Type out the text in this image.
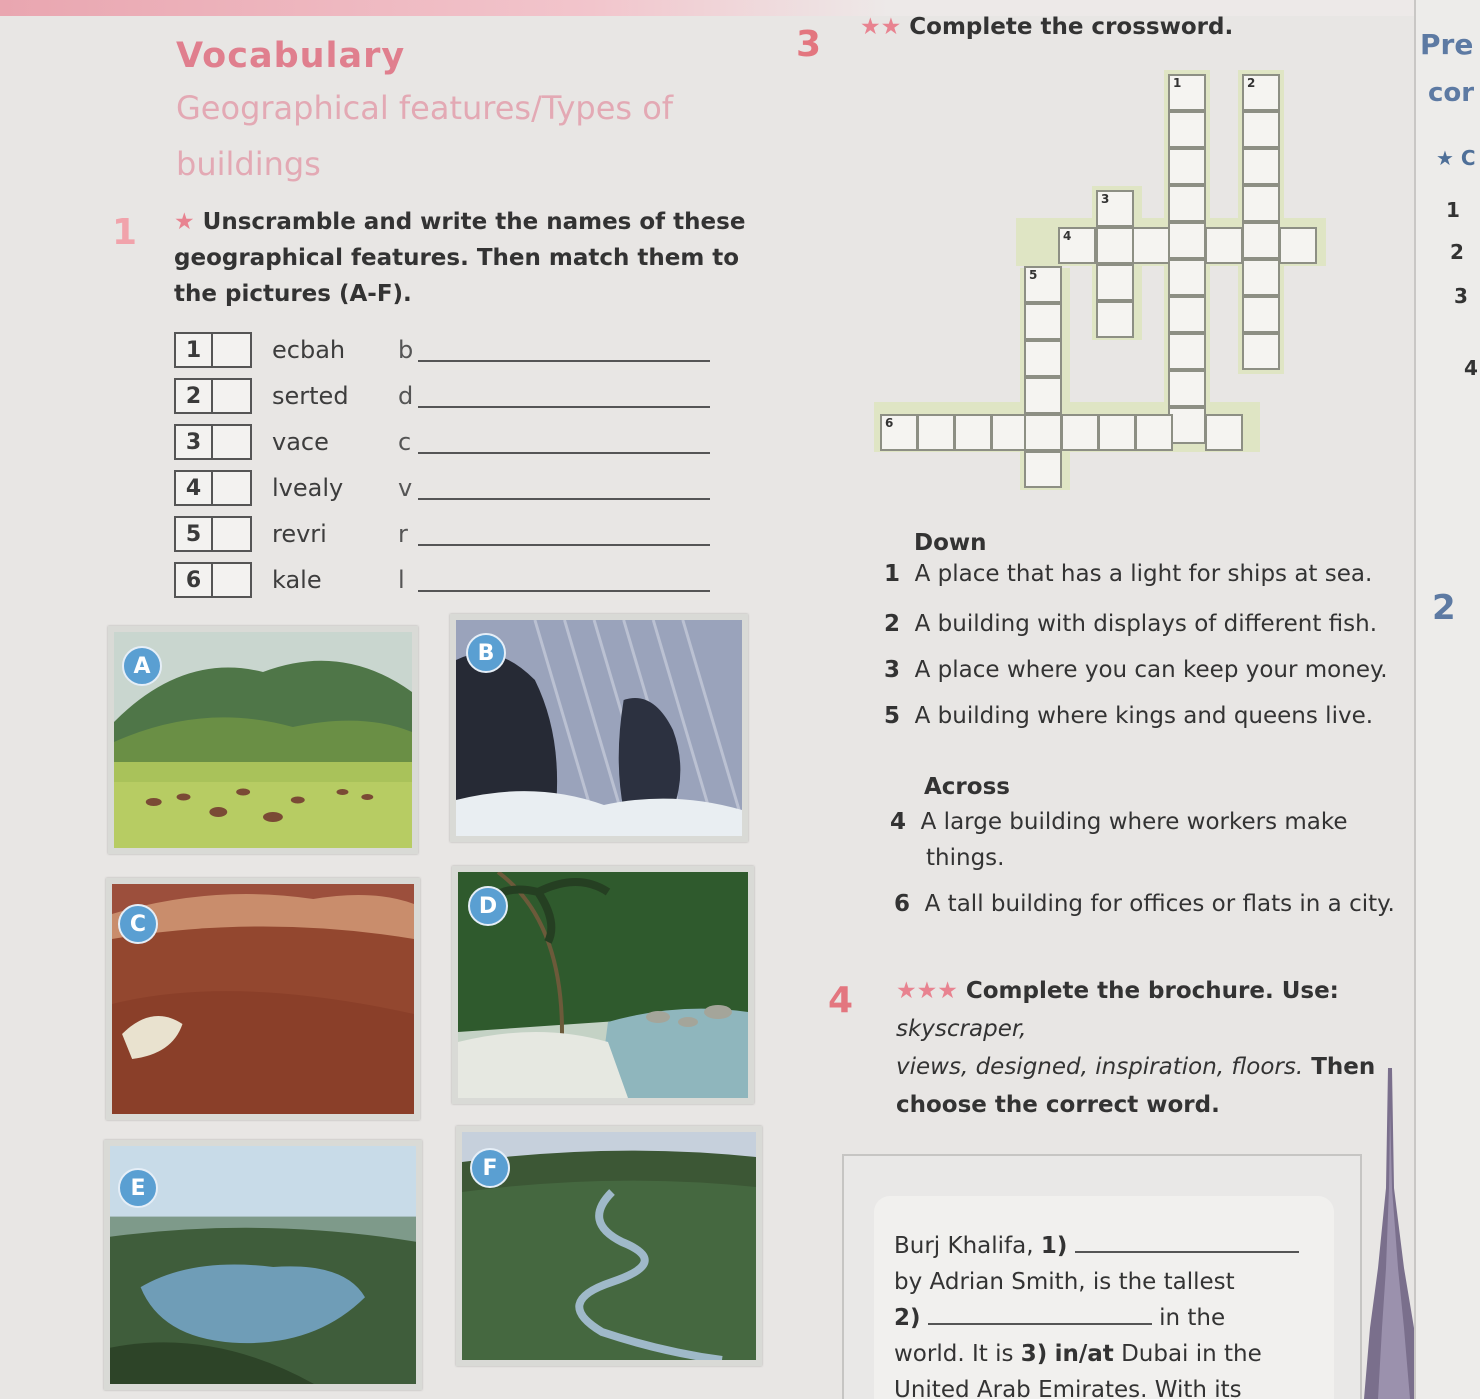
Vocabulary
Geographical features/Types of
buildings
1 ★ Unscramble and write the names of these geographical features. Then match them to the pictures (A-F).
1	ecbah	b
2	serted	d
3	vace	c
4	lvealy	v
5	revri	r
6	kale	l
A
B
C
D
E
F
3 ★★ Complete the crossword.
1	2
3
4
5
6
Down
1 A place that has a light for ships at sea.
2 A building with displays of different fish.
3 A place where you can keep your money.
5 A building where kings and queens live.
Across
4 A large building where workers make
things.
6 A tall building for offices or flats in a city.
4 ★★★ Complete the brochure. Use: skyscraper,
views, designed, inspiration, floors. Then
choose the correct word.
Burj Khalifa, 1)
by Adrian Smith, is the tallest
2)	in the
world. It is 3) in/at Dubai in the
United Arab Emirates. With its
Pre
cor
★ C
1
2
3
4
2
